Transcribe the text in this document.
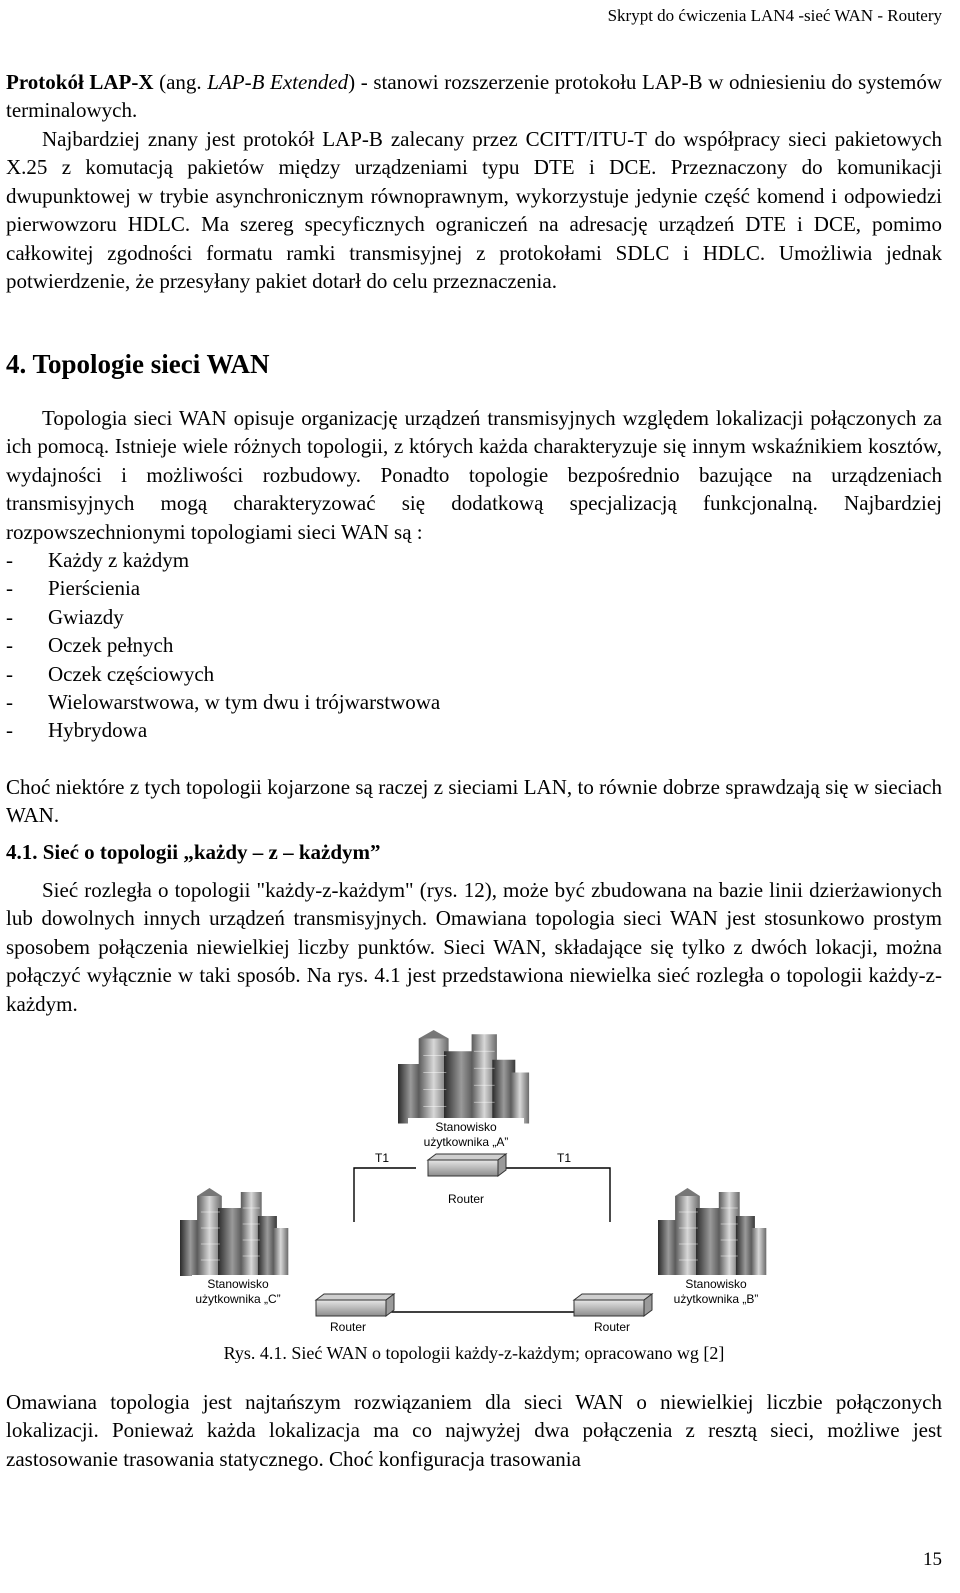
Skrypt do ćwiczenia LAN4 -sieć WAN - Routery

Protokół LAP-X (ang. LAP-B Extended) - stanowi rozszerzenie protokołu LAP-B w odniesieniu do systemów terminalowych.

Najbardziej znany jest protokół LAP-B zalecany przez CCITT/ITU-T do współpracy sieci pakietowych X.25 z komutacją pakietów między urządzeniami typu DTE i DCE. Przeznaczony do komunikacji dwupunktowej w trybie asynchronicznym równoprawnym, wykorzystuje jedynie część komend i odpowiedzi pierwowzoru HDLC. Ma szereg specyficznych ograniczeń na adresację urządzeń DTE i DCE, pomimo całkowitej zgodności formatu ramki transmisyjnej z protokołami SDLC i HDLC. Umożliwia jednak potwierdzenie, że przesyłany pakiet dotarł do celu przeznaczenia.

4. Topologie sieci WAN

Topologia sieci WAN opisuje organizację urządzeń transmisyjnych względem lokalizacji połączonych za ich pomocą. Istnieje wiele różnych topologii, z których każda charakteryzuje się innym wskaźnikiem kosztów, wydajności i możliwości rozbudowy. Ponadto topologie bezpośrednio bazujące na urządzeniach transmisyjnych mogą charakteryzować się dodatkową specjalizacją funkcjonalną. Najbardziej rozpowszechnionymi topologiami sieci WAN są :

-	Każdy z każdym
-	Pierścienia
-	Gwiazdy
-	Oczek pełnych
-	Oczek częściowych
-	Wielowarstwowa, w tym dwu i trójwarstwowa
-	Hybrydowa

Choć niektóre z tych topologii kojarzone są raczej z sieciami LAN, to równie dobrze sprawdzają się w sieciach WAN.

4.1. Sieć o topologii „każdy – z – każdym”

Sieć rozległa o topologii "każdy-z-każdym" (rys. 12), może być zbudowana na bazie linii dzierżawionych lub dowolnych innych urządzeń transmisyjnych. Omawiana topologia sieci WAN jest stosunkowo prostym sposobem połączenia niewielkiej liczby punktów. Sieci WAN, składające się tylko z dwóch lokacji, można połączyć wyłącznie w taki sposób. Na rys. 4.1 jest przedstawiona niewielka sieć rozległa o topologii każdy-z-każdym.

Stanowisko
użytkownika „A”
Router
T1	T1
Stanowisko
użytkownika „C”
Router
Stanowisko
użytkownika „B”
Router
Rys. 4.1. Sieć WAN o topologii każdy-z-każdym; opracowano wg [2]

Omawiana topologia jest najtańszym rozwiązaniem dla sieci WAN o niewielkiej liczbie połączonych lokalizacji. Ponieważ każda lokalizacja ma co najwyżej dwa połączenia z resztą sieci, możliwe jest zastosowanie trasowania statycznego. Choć konfiguracja trasowania

15
